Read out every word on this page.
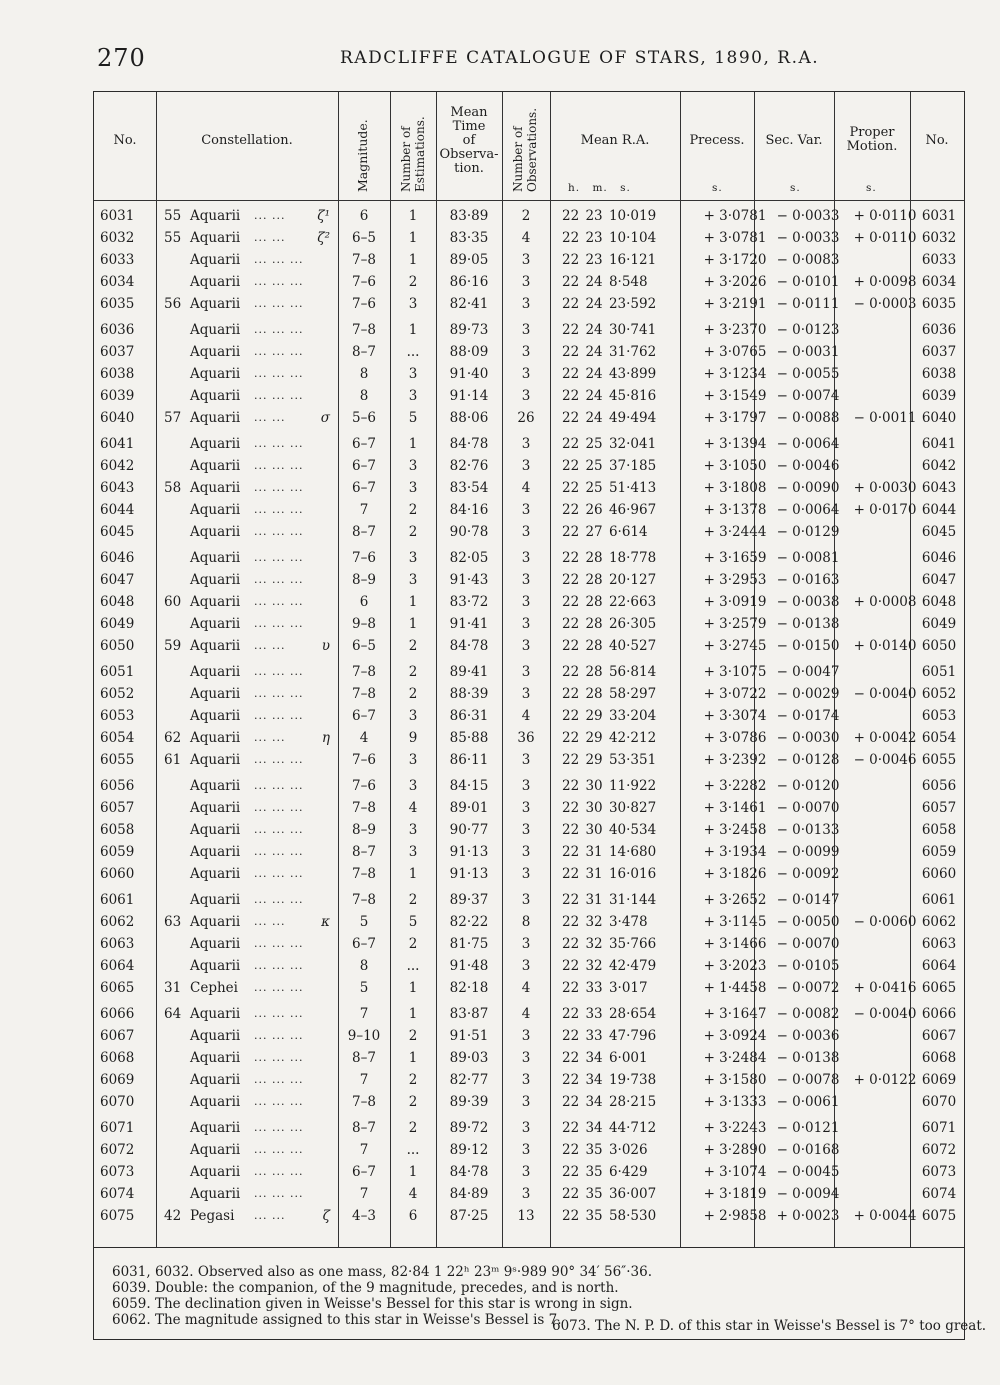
270	RADCLIFFE CATALOGUE OF STARS, 1890, R.A.
No.	Constellation.	Magnitude. Number of Estimations.
Mean
Time
of
Observa-
tion.	Number of Observations.	Mean R.A.	Precess.	Sec. Var.
Proper
Motion.	No.
h. m. s.	s.	s.	s.
6031	55 Aquarii	... ...	ζ¹	6	1	83·89	2	22 23 10·019	+ 3·0781 − 0·0033	+ 0·0110 6031
6032	55 Aquarii	... ...	ζ²	6–5	1	83·35	4	22 23 10·104	+ 3·0781 − 0·0033	+ 0·0110 6032
6033	Aquarii	... ... ...	7–8	1	89·05	3	22 23 16·121	+ 3·1720 − 0·0083	6033
6034	Aquarii	... ... ...	7–6	2	86·16	3	22 24 8·548	+ 3·2026 − 0·0101	+ 0·0098 6034
6035	56 Aquarii	... ... ...	7–6	3	82·41	3	22 24 23·592	+ 3·2191 − 0·0111	− 0·0003 6035
6036	Aquarii	... ... ...	7–8	1	89·73	3	22 24 30·741	+ 3·2370 − 0·0123	6036
6037	Aquarii	... ... ...	8–7	...	88·09	3	22 24 31·762	+ 3·0765 − 0·0031	6037
6038	Aquarii	... ... ...	8	3	91·40	3	22 24 43·899	+ 3·1234 − 0·0055	6038
6039	Aquarii	... ... ...	8	3	91·14	3	22 24 45·816	+ 3·1549 − 0·0074	6039
6040	57 Aquarii	... ...	σ	5–6	5	88·06	26	22 24 49·494	+ 3·1797 − 0·0088	− 0·0011 6040
6041	Aquarii	... ... ...	6–7	1	84·78	3	22 25 32·041	+ 3·1394 − 0·0064	6041
6042	Aquarii	... ... ...	6–7	3	82·76	3	22 25 37·185	+ 3·1050 − 0·0046	6042
6043	58 Aquarii	... ... ...	6–7	3	83·54	4	22 25 51·413	+ 3·1808 − 0·0090	+ 0·0030 6043
6044	Aquarii	... ... ...	7	2	84·16	3	22 26 46·967	+ 3·1378 − 0·0064	+ 0·0170 6044
6045	Aquarii	... ... ...	8–7	2	90·78	3	22 27 6·614	+ 3·2444 − 0·0129	6045
6046	Aquarii	... ... ...	7–6	3	82·05	3	22 28 18·778	+ 3·1659 − 0·0081	6046
6047	Aquarii	... ... ...	8–9	3	91·43	3	22 28 20·127	+ 3·2953 − 0·0163	6047
6048	60 Aquarii	... ... ...	6	1	83·72	3	22 28 22·663	+ 3·0919 − 0·0038	+ 0·0008 6048
6049	Aquarii	... ... ...	9–8	1	91·41	3	22 28 26·305	+ 3·2579 − 0·0138	6049
6050	59 Aquarii	... ...	υ	6–5	2	84·78	3	22 28 40·527	+ 3·2745 − 0·0150	+ 0·0140 6050
6051	Aquarii	... ... ...	7–8	2	89·41	3	22 28 56·814	+ 3·1075 − 0·0047	6051
6052	Aquarii	... ... ...	7–8	2	88·39	3	22 28 58·297	+ 3·0722 − 0·0029	− 0·0040 6052
6053	Aquarii	... ... ...	6–7	3	86·31	4	22 29 33·204	+ 3·3074 − 0·0174	6053
6054	62 Aquarii	... ...	η	4	9	85·88	36	22 29 42·212	+ 3·0786 − 0·0030	+ 0·0042 6054
6055	61 Aquarii	... ... ...	7–6	3	86·11	3	22 29 53·351	+ 3·2392 − 0·0128	− 0·0046 6055
6056	Aquarii	... ... ...	7–6	3	84·15	3	22 30 11·922	+ 3·2282 − 0·0120	6056
6057	Aquarii	... ... ...	7–8	4	89·01	3	22 30 30·827	+ 3·1461 − 0·0070	6057
6058	Aquarii	... ... ...	8–9	3	90·77	3	22 30 40·534	+ 3·2458 − 0·0133	6058
6059	Aquarii	... ... ...	8–7	3	91·13	3	22 31 14·680	+ 3·1934 − 0·0099	6059
6060	Aquarii	... ... ...	7–8	1	91·13	3	22 31 16·016	+ 3·1826 − 0·0092	6060
6061	Aquarii	... ... ...	7–8	2	89·37	3	22 31 31·144	+ 3·2652 − 0·0147	6061
6062	63 Aquarii	... ...	κ	5	5	82·22	8	22 32 3·478	+ 3·1145 − 0·0050	− 0·0060 6062
6063	Aquarii	... ... ...	6–7	2	81·75	3	22 32 35·766	+ 3·1466 − 0·0070	6063
6064	Aquarii	... ... ...	8	...	91·48	3	22 32 42·479	+ 3·2023 − 0·0105	6064
6065	31 Cephei	... ... ...	5	1	82·18	4	22 33 3·017	+ 1·4458 − 0·0072	+ 0·0416 6065
6066	64 Aquarii	... ... ...	7	1	83·87	4	22 33 28·654	+ 3·1647 − 0·0082	− 0·0040 6066
6067	Aquarii	... ... ...	9–10	2	91·51	3	22 33 47·796	+ 3·0924 − 0·0036	6067
6068	Aquarii	... ... ...	8–7	1	89·03	3	22 34 6·001	+ 3·2484 − 0·0138	6068
6069	Aquarii	... ... ...	7	2	82·77	3	22 34 19·738	+ 3·1580 − 0·0078	+ 0·0122 6069
6070	Aquarii	... ... ...	7–8	2	89·39	3	22 34 28·215	+ 3·1333 − 0·0061	6070
6071	Aquarii	... ... ...	8–7	2	89·72	3	22 34 44·712	+ 3·2243 − 0·0121	6071
6072	Aquarii	... ... ...	7	...	89·12	3	22 35 3·026	+ 3·2890 − 0·0168	6072
6073	Aquarii	... ... ...	6–7	1	84·78	3	22 35 6·429	+ 3·1074 − 0·0045	6073
6074	Aquarii	... ... ...	7	4	84·89	3	22 35 36·007	+ 3·1819 − 0·0094	6074
6075	42 Pegasi	... ...	ζ	4–3	6	87·25	13	22 35 58·530	+ 2·9858 + 0·0023	+ 0·0044 6075
6031, 6032. Observed also as one mass, 82·84 1 22ʰ 23ᵐ 9ˢ·989 90° 34′ 56″·36.
6039. Double: the companion, of the 9 magnitude, precedes, and is north.
6059. The declination given in Weisse's Bessel for this star is wrong in sign.
6062. The magnitude assigned to this star in Weisse's Bessel is 7.
6073. The N. P. D. of this star in Weisse's Bessel is 7° too great.
